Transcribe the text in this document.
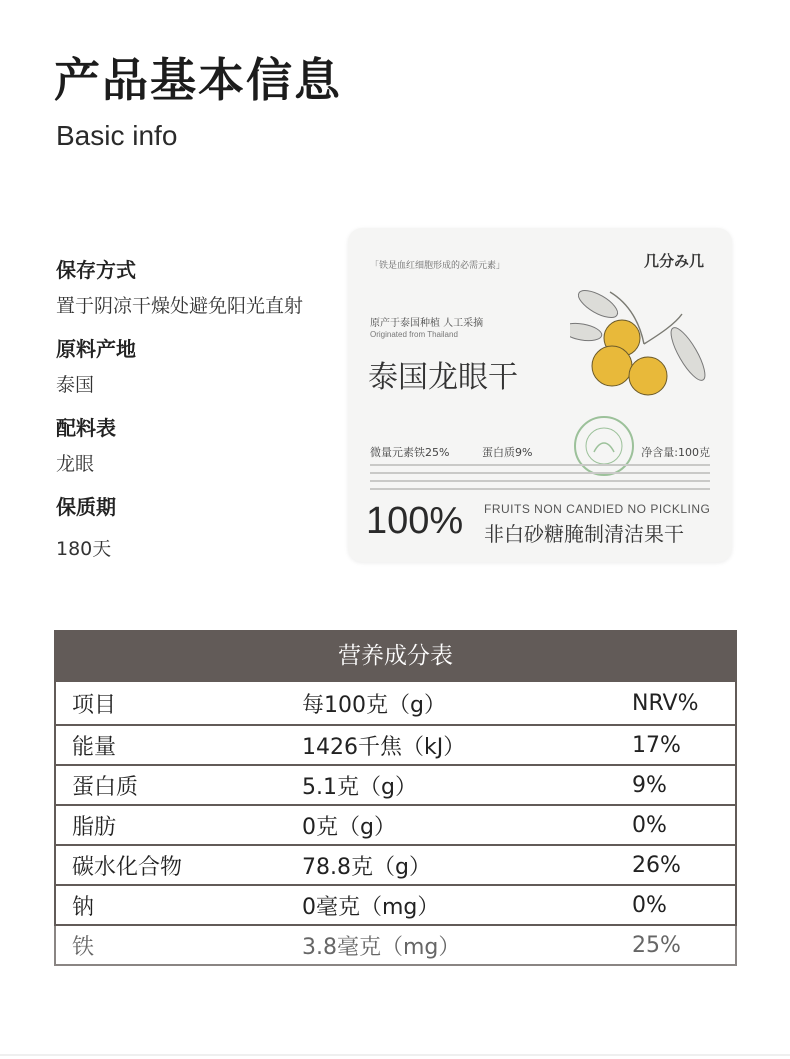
产品基本信息
Basic info
保存方式
置于阴凉干燥处避免阳光直射
原料产地
泰国
配料表
龙眼
保质期
180天
「铁是血红细胞形成的必需元素」	几分み几
原产于泰国种植 人工采摘
Originated from Thailand
泰国龙眼干
微量元素铁25%	蛋白质9%	净含量:100克
100% FRUITS NON CANDIED NO PICKLING
非白砂糖腌制清洁果干
营养成分表
项目	每100克（g）	NRV%
能量	1426千焦（kJ）	17%
蛋白质	5.1克（g）	9%
脂肪	0克（g）	0%
碳水化合物	78.8克（g）	26%
钠	0毫克（mg）	0%
铁	3.8毫克（mg）	25%
